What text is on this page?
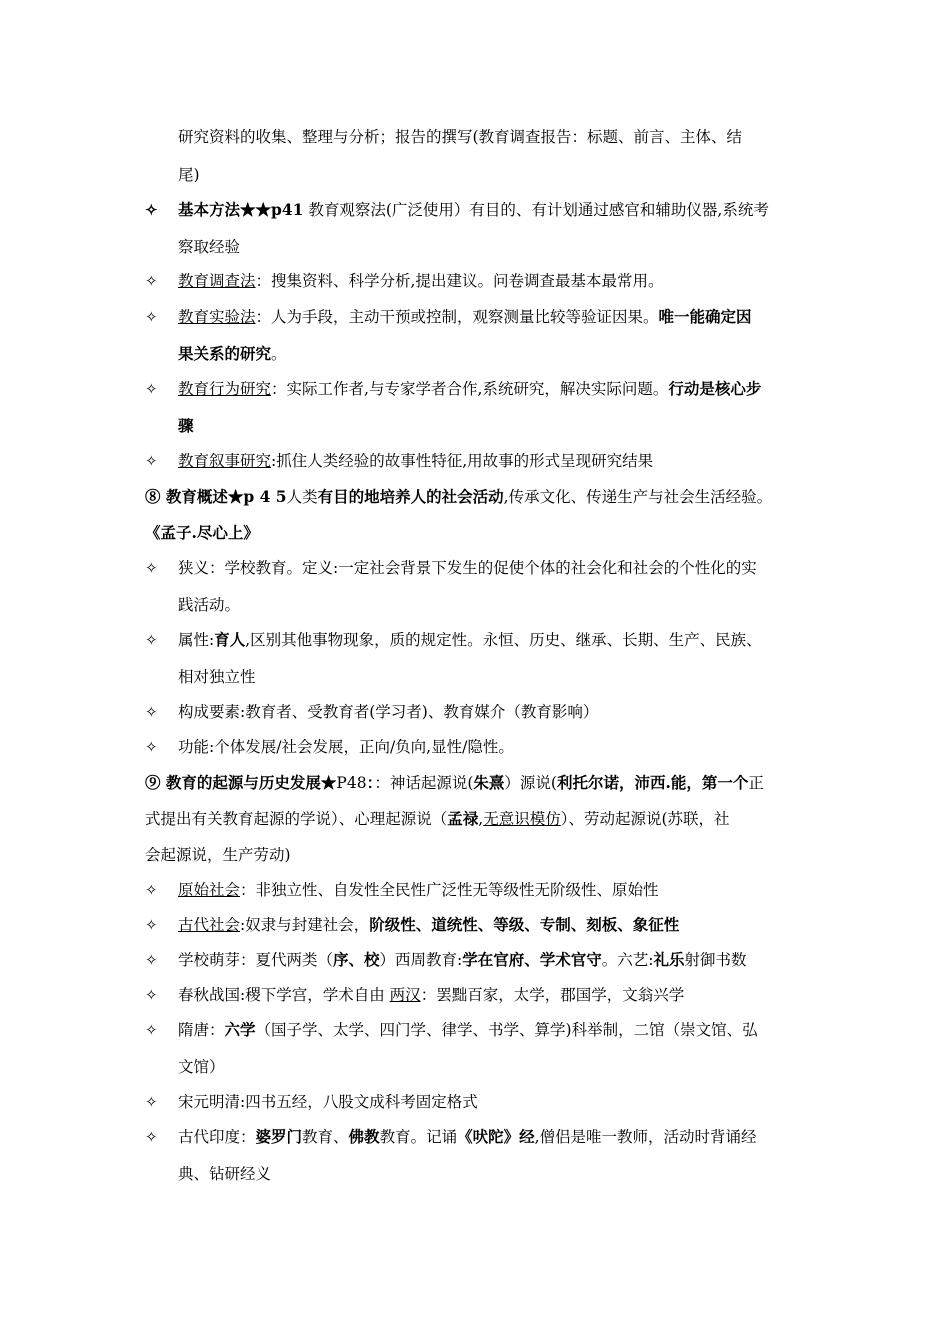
研究资料的收集、整理与分析；报告的撰写(教育调查报告：标题、前言、主体、结
尾)
✧ 基本方法★★p41 教育观察法(广泛使用）有目的、有计划通过感官和辅助仪器,系统考
察取经验
✧ 教育调查法：搜集资料、科学分析,提出建议。问卷调查最基本最常用。
✧ 教育实验法：人为手段，主动干预或控制，观察测量比较等验证因果。唯一能确定因
果关系的研究。
✧ 教育行为研究：实际工作者,与专家学者合作,系统研究，解决实际问题。行动是核心步
骤
✧ 教育叙事研究:抓住人类经验的故事性特征,用故事的形式呈现研究结果
⑧ 教育概述★p 4 5人类有目的地培养人的社会活动,传承文化、传递生产与社会生活经验。
《孟子.尽心上》
✧ 狭义：学校教育。定义:一定社会背景下发生的促使个体的社会化和社会的个性化的实
践活动。
✧ 属性:育人,区别其他事物现象，质的规定性。永恒、历史、继承、长期、生产、民族、
相对独立性
✧ 构成要素:教育者、受教育者(学习者)、教育媒介（教育影响）
✧ 功能:个体发展/社会发展，正向/负向,显性/隐性。
⑨ 教育的起源与历史发展★P48：：神话起源说(朱熹）源说(利托尔诺，沛西.能，第一个正
式提出有关教育起源的学说）、心理起源说（孟禄,无意识模仿）、劳动起源说(苏联，社
会起源说，生产劳动)
✧ 原始社会：非独立性、自发性全民性广泛性无等级性无阶级性、原始性
✧ 古代社会:奴隶与封建社会，阶级性、道统性、等级、专制、刻板、象征性
✧ 学校萌芽：夏代两类（序、校）西周教育:学在官府、学术官守。六艺:礼乐射御书数
✧ 春秋战国:稷下学宫，学术自由 两汉：罢黜百家，太学，郡国学，文翁兴学
✧ 隋唐：六学（国子学、太学、四门学、律学、书学、算学)科举制，二馆（崇文馆、弘
文馆）
✧ 宋元明清:四书五经，八股文成科考固定格式
✧ 古代印度：婆罗门教育、佛教教育。记诵《吠陀》经,僧侣是唯一教师，活动时背诵经
典、钻研经义
